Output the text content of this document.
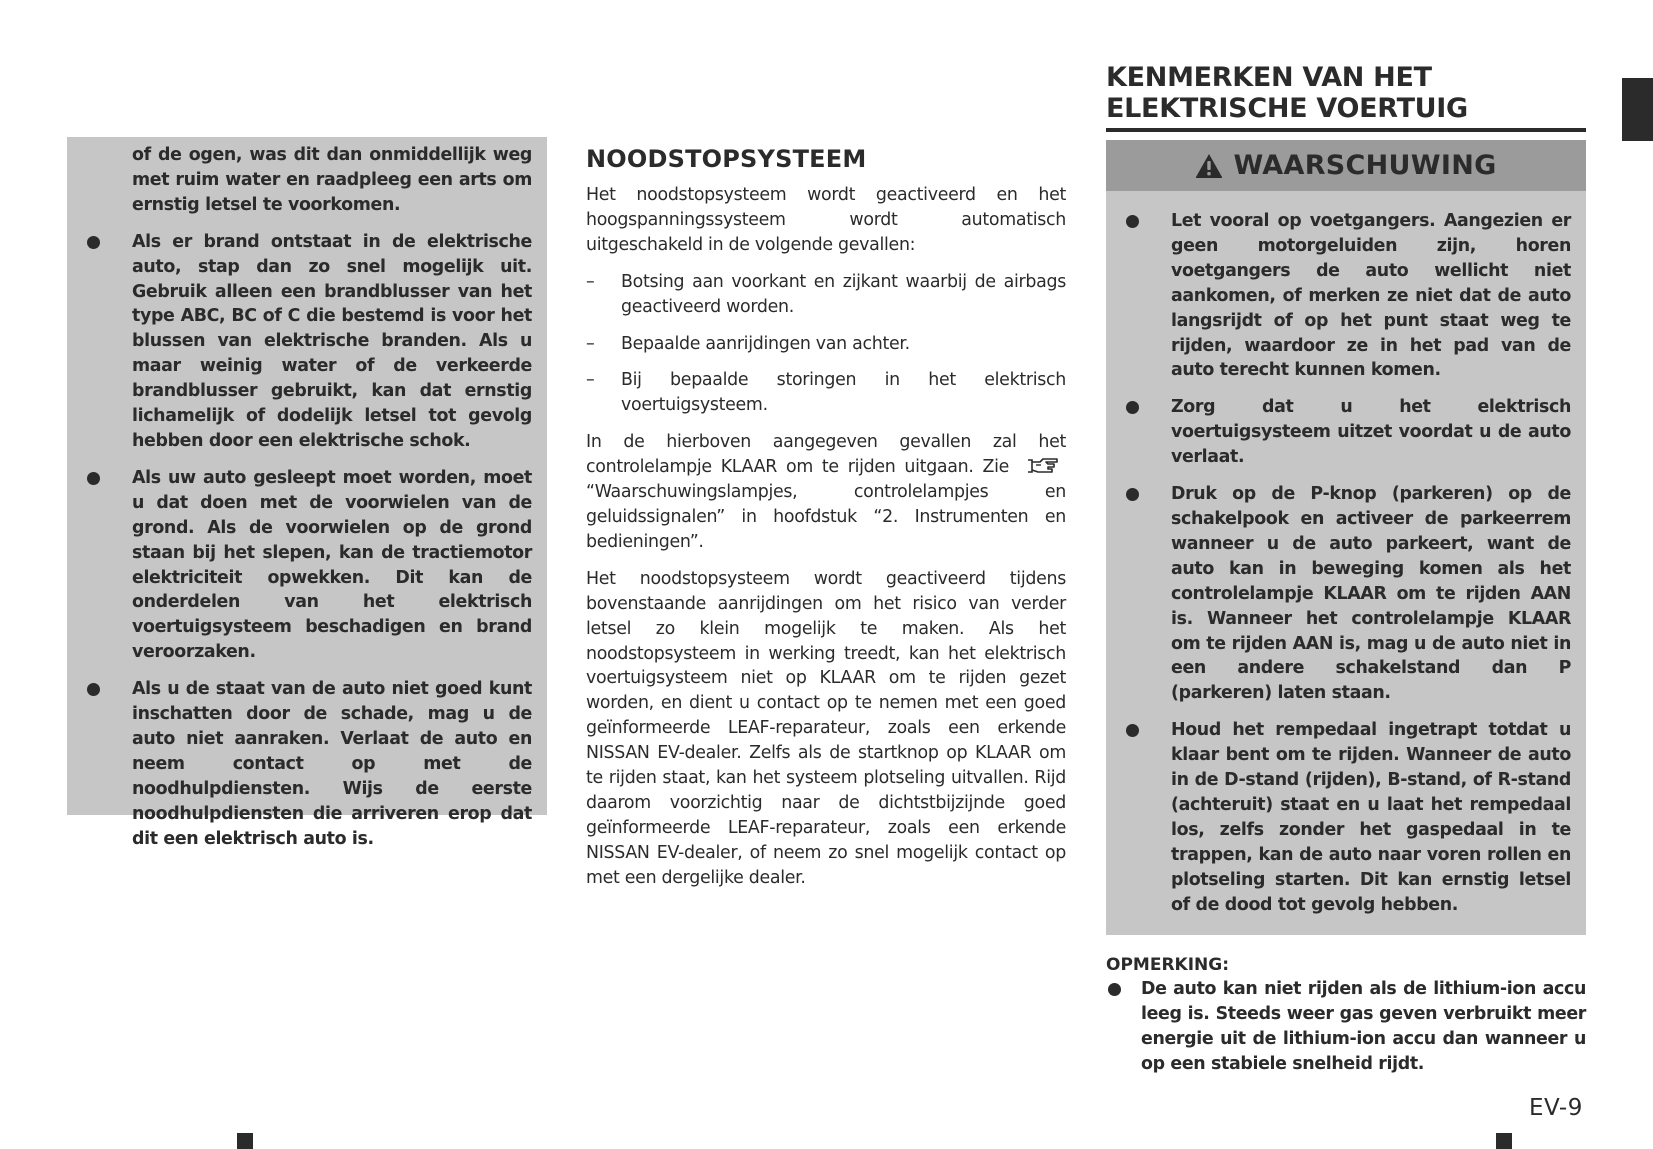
of de ogen, was dit dan onmiddellijk weg met ruim water en raadpleeg een arts om ernstig letsel te voorkomen.
Als er brand ontstaat in de elektrische auto, stap dan zo snel mogelijk uit. Gebruik alleen een brandblusser van het type ABC, BC of C die bestemd is voor het blussen van elektrische branden. Als u maar weinig water of de verkeerde brandblusser gebruikt, kan dat ernstig lichamelijk of dodelijk letsel tot gevolg hebben door een elektrische schok.
Als uw auto gesleept moet worden, moet u dat doen met de voorwielen van de grond. Als de voorwielen op de grond staan bij het slepen, kan de tractiemotor elektriciteit opwekken. Dit kan de onderdelen van het elektrisch voertuigsysteem beschadigen en brand veroorzaken.
Als u de staat van de auto niet goed kunt inschatten door de schade, mag u de auto niet aanraken. Verlaat de auto en neem contact op met de noodhulpdiensten. Wijs de eerste noodhulpdiensten die arriveren erop dat dit een elektrisch auto is.
NOODSTOPSYSTEEM

Het noodstopsysteem wordt geactiveerd en het hoogspanningssysteem wordt automatisch uitgeschakeld in de volgende gevallen:

– Botsing aan voorkant en zijkant waarbij de airbags geactiveerd worden.
– Bepaalde aanrijdingen van achter.
– Bij bepaalde storingen in het elektrisch voertuigsysteem.

In de hierboven aangegeven gevallen zal het controlelampje KLAAR om te rijden uitgaan. Zie  “Waarschuwingslampjes, controlelampjes en geluidssignalen” in hoofdstuk “2. Instrumenten en bedieningen”.

Het noodstopsysteem wordt geactiveerd tijdens bovenstaande aanrijdingen om het risico van verder letsel zo klein mogelijk te maken. Als het noodstopsysteem in werking treedt, kan het elektrisch voertuigsysteem niet op KLAAR om te rijden gezet worden, en dient u contact op te nemen met een goed geïnformeerde LEAF-reparateur, zoals een erkende NISSAN EV-dealer. Zelfs als de startknop op KLAAR om te rijden staat, kan het systeem plotseling uitvallen. Rijd daarom voorzichtig naar de dichtstbijzijnde goed geïnformeerde LEAF-reparateur, zoals een erkende NISSAN EV-dealer, of neem zo snel mogelijk contact op met een dergelijke dealer.

KENMERKEN VAN HET
ELEKTRISCHE VOERTUIG
WAARSCHUWING
Let vooral op voetgangers. Aangezien er geen motorgeluiden zijn, horen voetgangers de auto wellicht niet aankomen, of merken ze niet dat de auto langsrijdt of op het punt staat weg te rijden, waardoor ze in het pad van de auto terecht kunnen komen.
Zorg dat u het elektrisch voertuigsysteem uitzet voordat u de auto verlaat.
Druk op de P-knop (parkeren) op de schakelpook en activeer de parkeerrem wanneer u de auto parkeert, want de auto kan in beweging komen als het controlelampje KLAAR om te rijden AAN is. Wanneer het controlelampje KLAAR om te rijden AAN is, mag u de auto niet in een andere schakelstand dan P (parkeren) laten staan.
Houd het rempedaal ingetrapt totdat u klaar bent om te rijden. Wanneer de auto in de D-stand (rijden), B-stand, of R-stand (achteruit) staat en u laat het rempedaal los, zelfs zonder het gaspedaal in te trappen, kan de auto naar voren rollen en plotseling starten. Dit kan ernstig letsel of de dood tot gevolg hebben.
OPMERKING:
De auto kan niet rijden als de lithium-ion accu leeg is. Steeds weer gas geven verbruikt meer energie uit de lithium-ion accu dan wanneer u op een stabiele snelheid rijdt.
EV-9
